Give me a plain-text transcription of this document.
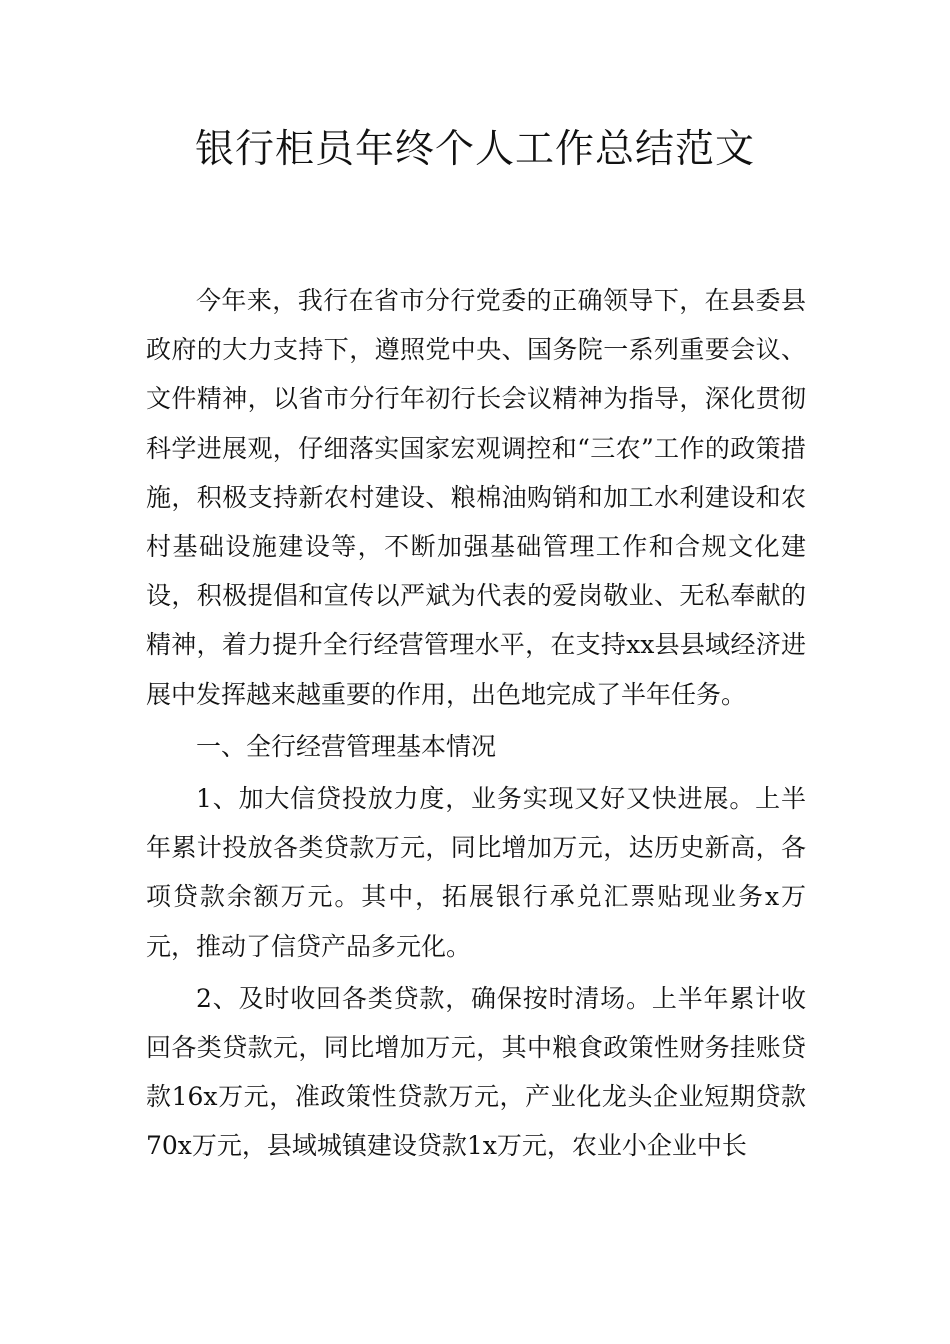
银行柜员年终个人工作总结范文

今年来，我行在省市分行党委的正确领导下，在县委县政府的大力支持下，遵照党中央、国务院一系列重要会议、文件精神，以省市分行年初行长会议精神为指导，深化贯彻科学进展观，仔细落实国家宏观调控和“三农”工作的政策措施，积极支持新农村建设、粮棉油购销和加工水利建设和农村基础设施建设等，不断加强基础管理工作和合规文化建设，积极提倡和宣传以严斌为代表的爱岗敬业、无私奉献的精神，着力提升全行经营管理水平，在支持xx县县域经济进展中发挥越来越重要的作用，出色地完成了半年任务。

一、全行经营管理基本情况

1、加大信贷投放力度，业务实现又好又快进展。上半年累计投放各类贷款万元，同比增加万元，达历史新高，各项贷款余额万元。其中，拓展银行承兑汇票贴现业务x万元，推动了信贷产品多元化。

2、及时收回各类贷款，确保按时清场。上半年累计收回各类贷款元，同比增加万元，其中粮食政策性财务挂账贷款16x万元，准政策性贷款万元，产业化龙头企业短期贷款70x万元，县域城镇建设贷款1x万元，农业小企业中长
